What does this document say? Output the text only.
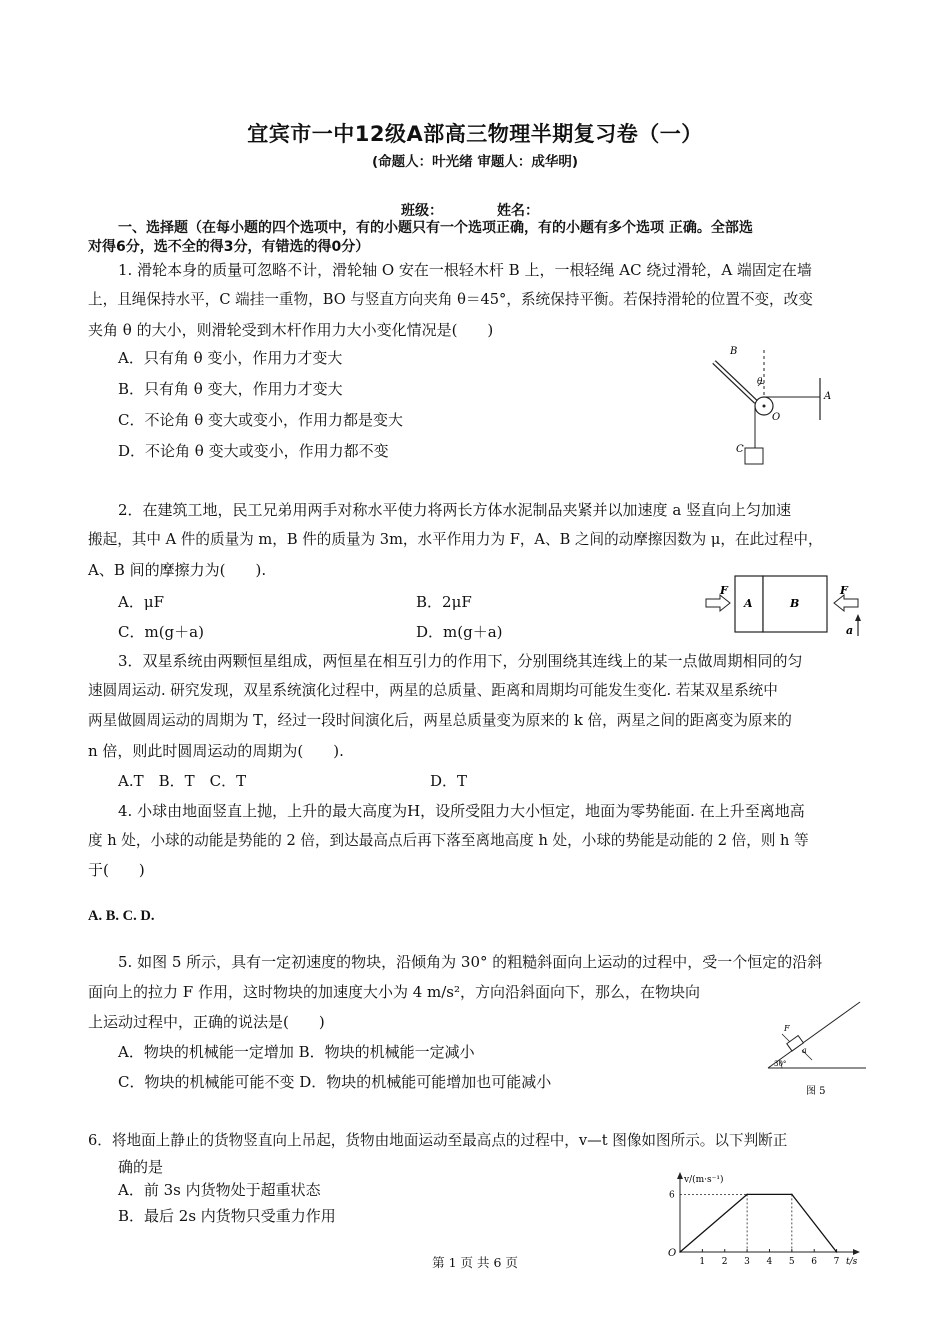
宜宾市一中12级A部高三物理半期复习卷（一）
(命题人：叶光绪 审题人：成华明)
班级：	姓名：
一、选择题（在每小题的四个选项中，有的小题只有一个选项正确，有的小题有多个选项 正确。全部选
对得6分，选不全的得3分，有错选的得0分）
1. 滑轮本身的质量可忽略不计，滑轮轴 O 安在一根轻木杆 B 上，一根轻绳 AC 绕过滑轮，A 端固定在墙
上，且绳保持水平，C 端挂一重物，BO 与竖直方向夹角 θ＝45°，系统保持平衡。若保持滑轮的位置不变，改变
夹角 θ 的大小，则滑轮受到木杆作用力大小变化情况是(　　)
A．只有角 θ 变小，作用力才变大
B．只有角 θ 变大，作用力才变大
C．不论角 θ 变大或变小，作用力都是变大
D．不论角 θ 变大或变小，作用力都不变
B
θ
O
A
C
2．在建筑工地，民工兄弟用两手对称水平使力将两长方体水泥制品夹紧并以加速度 a 竖直向上匀加速
搬起，其中 A 件的质量为 m，B 件的质量为 3m，水平作用力为 F，A、B 之间的动摩擦因数为 μ，在此过程中，
A、B 间的摩擦力为(　　).
A．μF	B．2μF
C．m(g＋a)	D．m(g＋a)
F
A	B
F
a
3．双星系统由两颗恒星组成，两恒星在相互引力的作用下，分别围绕其连线上的某一点做周期相同的匀
速圆周运动. 研究发现，双星系统演化过程中，两星的总质量、距离和周期均可能发生变化. 若某双星系统中
两星做圆周运动的周期为 T，经过一段时间演化后，两星总质量变为原来的 k 倍，两星之间的距离变为原来的
n 倍，则此时圆周运动的周期为(　　).
A.T　B．T　C．T	D．T
4. 小球由地面竖直上抛，上升的最大高度为H，设所受阻力大小恒定，地面为零势能面. 在上升至离地高
度 h 处，小球的动能是势能的 2 倍，到达最高点后再下落至离地高度 h 处，小球的势能是动能的 2 倍，则 h 等
于(　　)
A. B. C. D.
5. 如图 5 所示，具有一定初速度的物块，沿倾角为 30° 的粗糙斜面向上运动的过程中，受一个恒定的沿斜
面向上的拉力 F 作用，这时物块的加速度大小为 4 m/s²，方向沿斜面向下，那么，在物块向
上运动过程中，正确的说法是(　　)
A．物块的机械能一定增加 B．物块的机械能一定减小
C．物块的机械能可能不变 D．物块的机械能可能增加也可能减小
F
a
30°
图 5
6．将地面上静止的货物竖直向上吊起，货物由地面运动至最高点的过程中，v—t 图像如图所示。以下判断正
确的是
A．前 3s 内货物处于超重状态
B．最后 2s 内货物只受重力作用
1 2 3 4 5 6 7
6
O
v/(m·s⁻¹)
t/s
第 1 页 共 6 页
